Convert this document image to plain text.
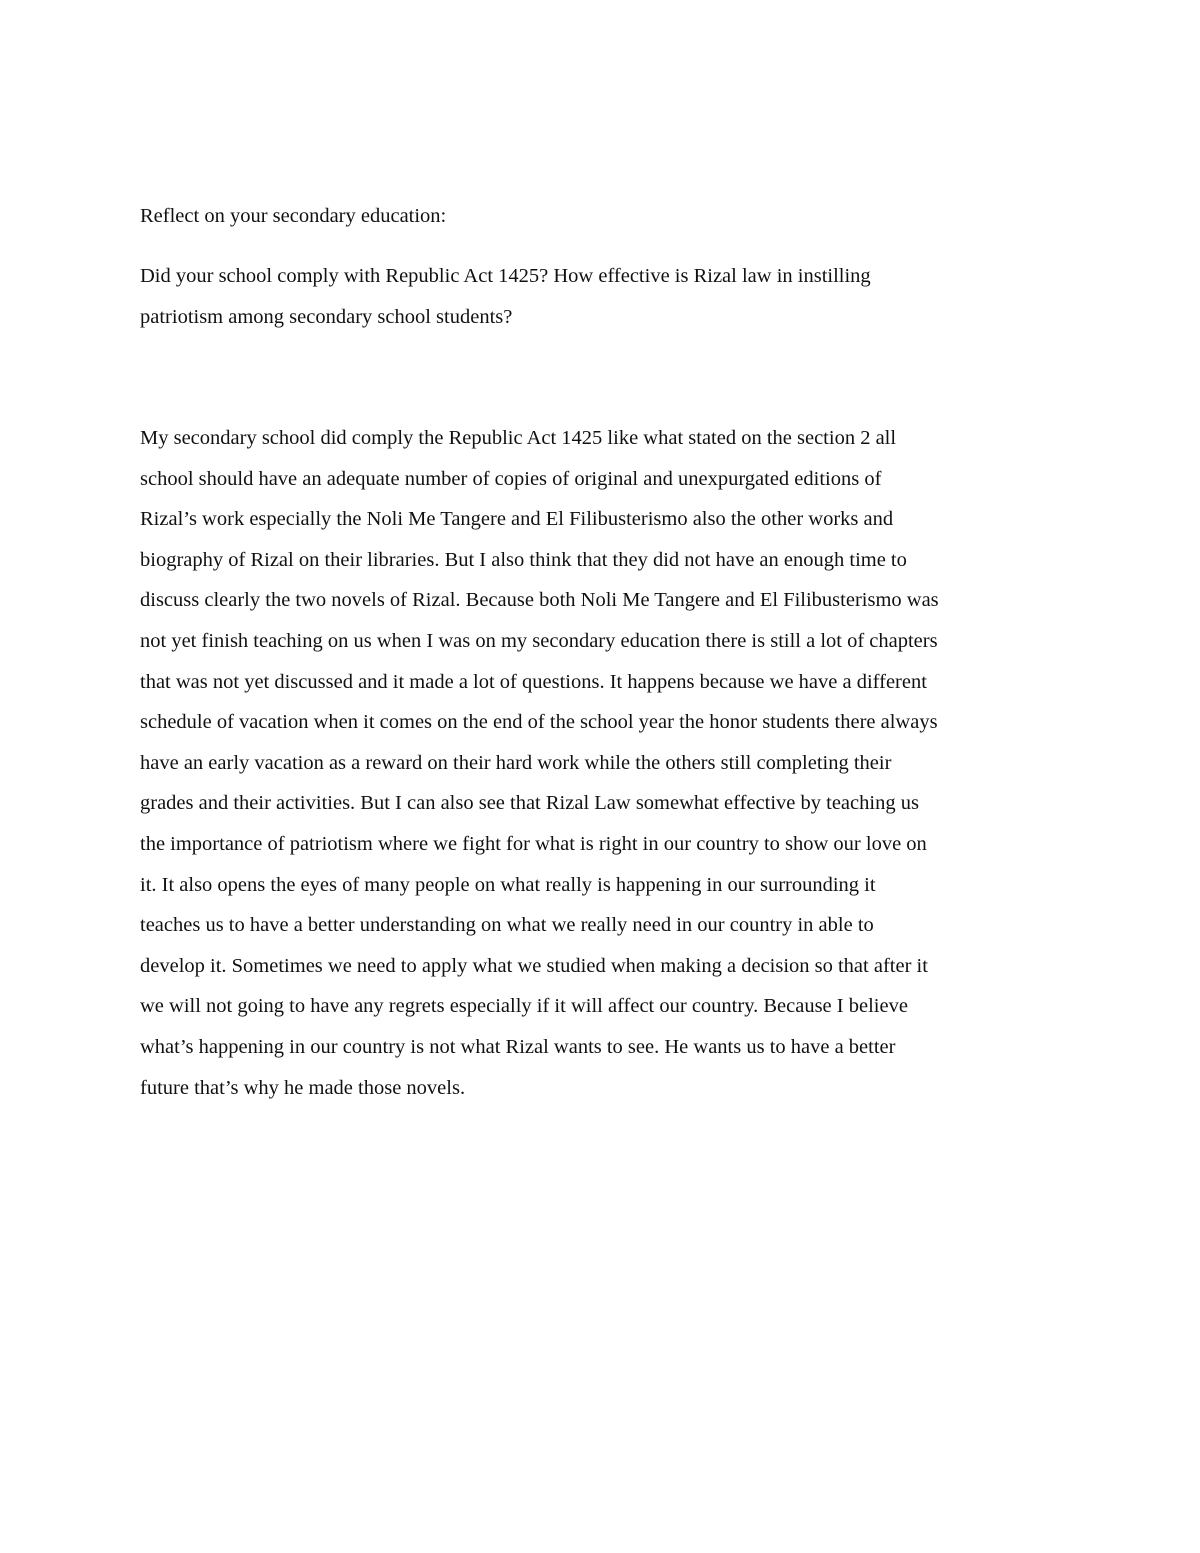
Reflect on your secondary education:

Did your school comply with Republic Act 1425? How effective is Rizal law in instilling
patriotism among secondary school students?

My secondary school did comply the Republic Act 1425 like what stated on the section 2 all
school should have an adequate number of copies of original and unexpurgated editions of
Rizal’s work especially the Noli Me Tangere and El Filibusterismo also the other works and
biography of Rizal on their libraries. But I also think that they did not have an enough time to
discuss clearly the two novels of Rizal. Because both Noli Me Tangere and El Filibusterismo was
not yet finish teaching on us when I was on my secondary education there is still a lot of chapters
that was not yet discussed and it made a lot of questions. It happens because we have a different
schedule of vacation when it comes on the end of the school year the honor students there always
have an early vacation as a reward on their hard work while the others still completing their
grades and their activities. But I can also see that Rizal Law somewhat effective by teaching us
the importance of patriotism where we fight for what is right in our country to show our love on
it. It also opens the eyes of many people on what really is happening in our surrounding it
teaches us to have a better understanding on what we really need in our country in able to
develop it. Sometimes we need to apply what we studied when making a decision so that after it
we will not going to have any regrets especially if it will affect our country. Because I believe
what’s happening in our country is not what Rizal wants to see. He wants us to have a better
future that’s why he made those novels.
